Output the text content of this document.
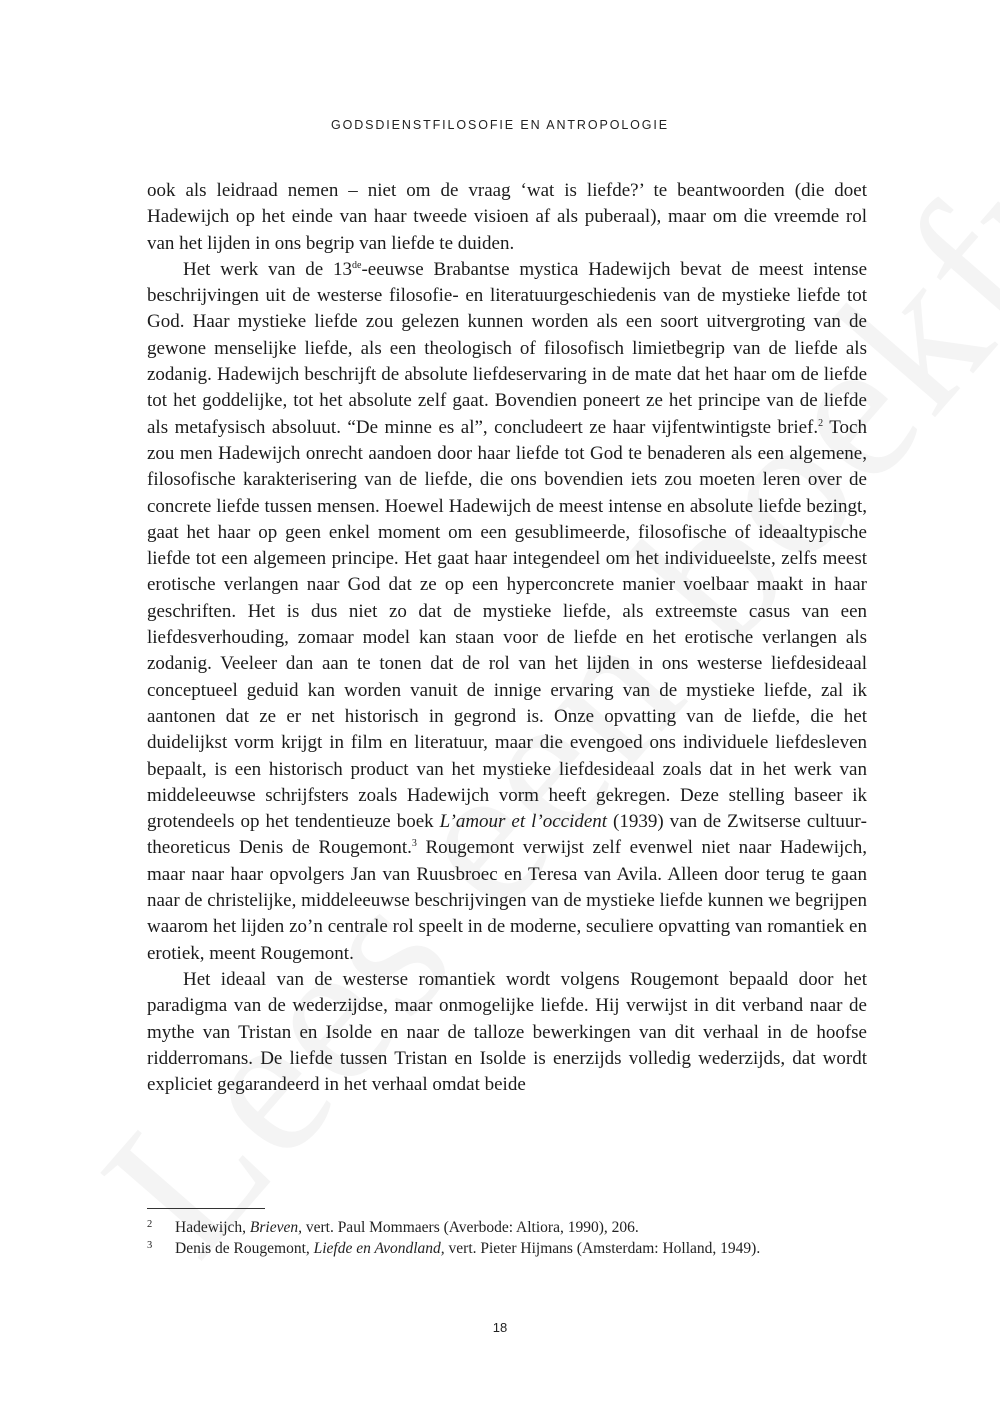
GODSDIENSTFILOSOFIE EN ANTROPOLOGIE

ook als leidraad nemen – niet om de vraag ‘wat is liefde?’ te beantwoorden (die doet Hadewijch op het einde van haar tweede visioen af als puberaal), maar om die vreemde rol van het lijden in ons begrip van liefde te duiden.

Het werk van de 13de-eeuwse Brabantse mystica Hadewijch bevat de meest intense beschrijvingen uit de westerse filosofie- en literatuurgeschiedenis van de mystieke liefde tot God. Haar mystieke liefde zou gelezen kunnen worden als een soort uitvergroting van de gewone menselijke liefde, als een theologisch of filosofisch limietbegrip van de liefde als zodanig. Hadewijch beschrijft de absolute liefdeservaring in de mate dat het haar om de liefde tot het goddelijke, tot het absolute zelf gaat. Bovendien poneert ze het principe van de liefde als metafysisch absoluut. “De minne es al”, concludeert ze haar vijfentwintigste brief.$^2$ Toch zou men Hadewijch onrecht aandoen door haar liefde tot God te benaderen als een algemene, filosofische karakterisering van de liefde, die ons bovendien iets zou moeten leren over de concrete liefde tussen mensen. Hoewel Hadewijch de meest intense en absolute liefde bezingt, gaat het haar op geen enkel moment om een gesublimeerde, filosofische of ideaaltypische liefde tot een algemeen principe. Het gaat haar integendeel om het individueelste, zelfs meest erotische verlangen naar God dat ze op een hyperconcrete manier voelbaar maakt in haar geschriften. Het is dus niet zo dat de mystieke liefde, als extreemste casus van een liefdesverhouding, zomaar model kan staan voor de liefde en het erotische verlangen als zodanig. Veeleer dan aan te tonen dat de rol van het lijden in ons westerse liefdesideaal conceptueel geduid kan worden vanuit de innige ervaring van de mystieke liefde, zal ik aantonen dat ze er net historisch in gegrond is. Onze opvatting van de liefde, die het duidelijkst vorm krijgt in film en literatuur, maar die evengoed ons individuele liefdesleven bepaalt, is een historisch product van het mystieke liefdesideaal zoals dat in het werk van middeleeuwse schrijfsters zoals Hadewijch vorm heeft gekregen. Deze stelling baseer ik grotendeels op het tendentieuze boek L’amour et l’occident (1939) van de Zwitserse cultuurtheoreticus Denis de Rougemont.$^3$ Rougemont verwijst zelf evenwel niet naar Hadewijch, maar naar haar opvolgers Jan van Ruusbroec en Teresa van Avila. Alleen door terug te gaan naar de christelijke, middeleeuwse beschrijvingen van de mystieke liefde kunnen we begrijpen waarom het lijden zo’n centrale rol speelt in de moderne, seculiere opvatting van romantiek en erotiek, meent Rougemont.

Het ideaal van de westerse romantiek wordt volgens Rougemont bepaald door het paradigma van de wederzijdse, maar onmogelijke liefde. Hij verwijst in dit verband naar de mythe van Tristan en Isolde en naar de talloze bewerkingen van dit verhaal in de hoofse ridderromans. De liefde tussen Tristan en Isolde is enerzijds volledig wederzijds, dat wordt expliciet gegarandeerd in het verhaal omdat beide

2 Hadewijch, Brieven, vert. Paul Mommaers (Averbode: Altiora, 1990), 206.
3 Denis de Rougemont, Liefde en Avondland, vert. Pieter Hijmans (Amsterdam: Holland, 1949).
18
